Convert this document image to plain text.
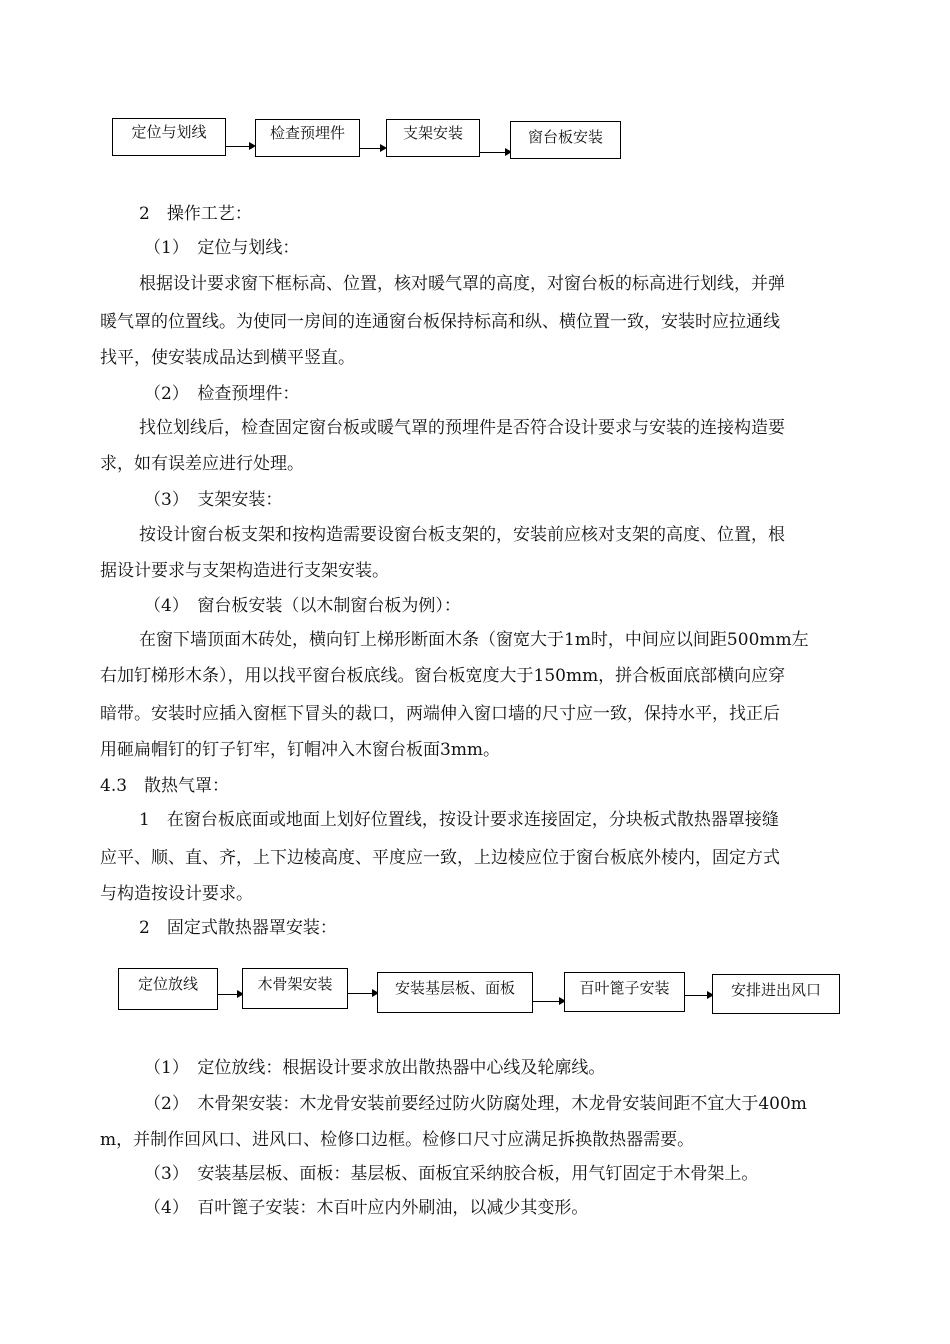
定位与划线	检查预埋件	支架安装	窗台板安装
2　操作工艺：
（1）　定位与划线：
根据设计要求窗下框标高、位置，核对暖气罩的高度，对窗台板的标高进行划线，并弹
暖气罩的位置线。为使同一房间的连通窗台板保持标高和纵、横位置一致，安装时应拉通线
找平，使安装成品达到横平竖直。
（2）　检查预埋件：
找位划线后，检查固定窗台板或暖气罩的预埋件是否符合设计要求与安装的连接构造要
求，如有误差应进行处理。
（3）　支架安装：
按设计窗台板支架和按构造需要设窗台板支架的，安装前应核对支架的高度、位置，根
据设计要求与支架构造进行支架安装。
（4）　窗台板安装（以木制窗台板为例）：
在窗下墙顶面木砖处，横向钉上梯形断面木条（窗宽大于1m时，中间应以间距500mm左
右加钉梯形木条），用以找平窗台板底线。窗台板宽度大于150mm，拼合板面底部横向应穿
暗带。安装时应插入窗框下冒头的裁口，两端伸入窗口墙的尺寸应一致，保持水平，找正后
用砸扁帽钉的钉子钉牢，钉帽冲入木窗台板面3mm。
4.3　散热气罩：
1　在窗台板底面或地面上划好位置线，按设计要求连接固定，分块板式散热器罩接缝
应平、顺、直、齐，上下边棱高度、平度应一致，上边棱应位于窗台板底外棱内，固定方式
与构造按设计要求。
2　固定式散热器罩安装：
定位放线	木骨架安装	安装基层板、面板	百叶篦子安装	安排进出风口
（1）　定位放线：根据设计要求放出散热器中心线及轮廓线。
（2）　木骨架安装：木龙骨安装前要经过防火防腐处理，木龙骨安装间距不宜大于400m
m，并制作回风口、进风口、检修口边框。检修口尺寸应满足拆换散热器需要。
（3）　安装基层板、面板：基层板、面板宜采纳胶合板，用气钉固定于木骨架上。
（4）　百叶篦子安装：木百叶应内外刷油，以减少其变形。
